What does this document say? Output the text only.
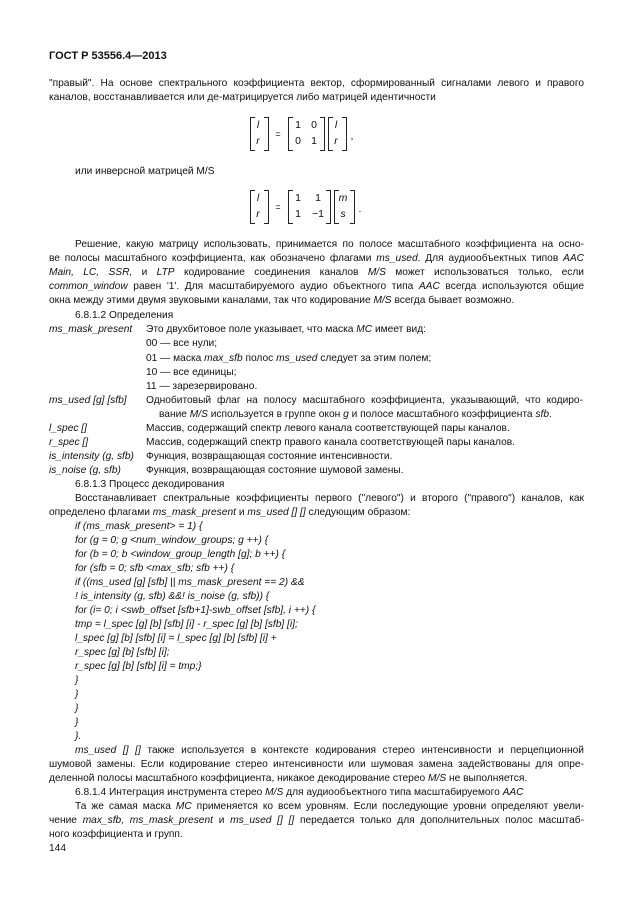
ГОСТ Р 53556.4—2013
"правый". На основе спектрального коэффициента вектор, сформированный сигналами левого и правого
каналов, восстанавливается или де-матрицируется либо матрицей идентичности
l
r
=
1 0
0 1
l
r	,
или инверсной матрицей M/S
l
r
=
1 1
1 −1
m
s	.
Решение, какую матрицу использовать, принимается по полосе масштабного коэффициента на осно-
ве полосы масштабного коэффициента, как обозначено флагами ms_used. Для аудиообъектных типов AAC
Main, LC, SSR, и LTP кодирование соединения каналов M/S может использоваться только, если
common_window равен '1'. Для масштабируемого аудио объектного типа AAC всегда используются общие
окна между этими двумя звуковыми каналами, так что кодирование M/S всегда бывает возможно.
6.8.1.2 Определения
ms_mask_present Это двухбитовое поле указывает, что маска МС имеет вид:
00 — все нули;
01 — маска max_sfb полос ms_used следует за этим полем;
10 — все единицы;
11 — зарезервировано.
ms_used [g] [sfb] Однобитовый флаг на полосу масштабного коэффициента, указывающий, что кодиро-
вание M/S используется в группе окон g и полосе масштабного коэффициента sfb.
l_spec []	Массив, содержащий спектр левого канала соответствующей пары каналов.
r_spec []	Массив, содержащий спектр правого канала соответствующей пары каналов.
is_intensity (g, sfb) Функция, возвращающая состояние интенсивности.
is_noise (g, sfb) Функция, возвращающая состояние шумовой замены.
6.8.1.3 Процесс декодирования
Восстанавливает спектральные коэффициенты первого ("левого") и второго ("правого") каналов, как
определено флагами ms_mask_present и ms_used [] [] следующим образом:
if (ms_mask_present> = 1) {
for (g = 0; g <num_window_groups; g ++) {
for (b = 0; b <window_group_length [g]; b ++) {
for (sfb = 0; sfb <max_sfb; sfb ++) {
if ((ms_used [g] [sfb] || ms_mask_present == 2) &&
! is_intensity (g, sfb) &&! is_noise (g, sfb)) {
for (i= 0; i <swb_offset [sfb+1]-swb_offset [sfb], i ++) {
tmp = l_spec [g] [b] [sfb] [i] - r_spec [g] [b] [sfb] [i];
l_spec [g] [b] [sfb] [i] = l_spec [g] [b] [sfb] [i] +
r_spec [g] [b] [sfb] [i];
r_spec [g] [b] [sfb] [i] = tmp;}
}
}
}
}
}.
ms_used [] [] также используется в контексте кодирования стерео интенсивности и перцепционной
шумовой замены. Если кодирование стерео интенсивности или шумовая замена задействованы для опре-
деленной полосы масштабного коэффициента, никакое декодирование стерео M/S не выполняется.
6.8.1.4 Интеграция инструмента стерео M/S для аудиообъектного типа масштабируемого AAC
Та же самая маска МС применяется ко всем уровням. Если последующие уровни определяют увели-
чение max_sfb, ms_mask_present и ms_used [] [] передается только для дополнительных полос масштаб-
ного коэффициента и групп.
144
